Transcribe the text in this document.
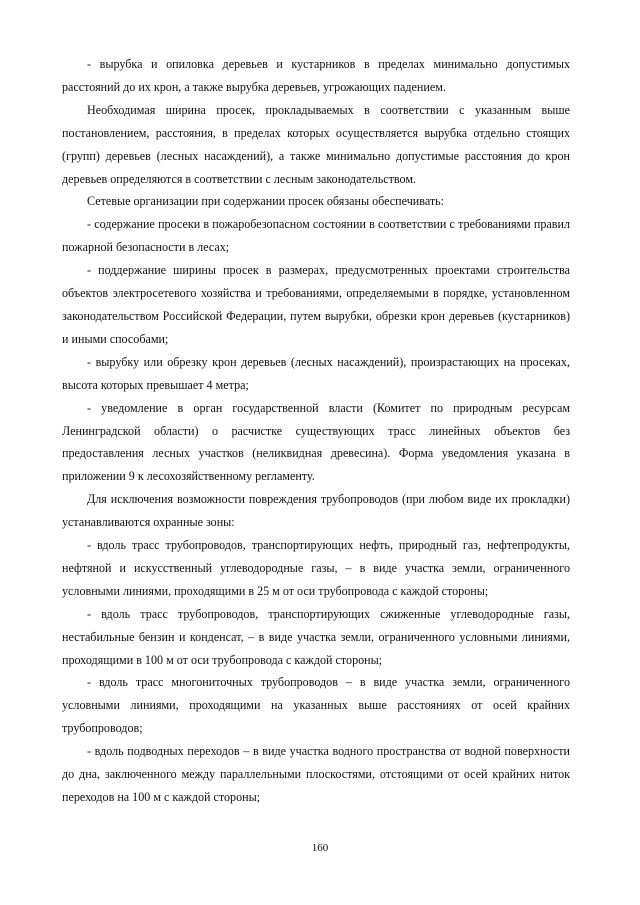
- вырубка и опиловка деревьев и кустарников в пределах минимально допустимых расстояний до их крон, а также вырубка деревьев, угрожающих падением.

Необходимая ширина просек, прокладываемых в соответствии с указанным выше постановлением, расстояния, в пределах которых осуществляется вырубка отдельно стоящих (групп) деревьев (лесных насаждений), а также минимально допустимые расстояния до крон деревьев определяются в соответствии с лесным законодательством.

Сетевые организации при содержании просек обязаны обеспечивать:

- содержание просеки в пожаробезопасном состоянии в соответствии с требованиями правил пожарной безопасности в лесах;

- поддержание ширины просек в размерах, предусмотренных проектами строительства объектов электросетевого хозяйства и требованиями, определяемыми в порядке, установленном законодательством Российской Федерации, путем вырубки, обрезки крон деревьев (кустарников) и иными способами;

- вырубку или обрезку крон деревьев (лесных насаждений), произрастающих на просеках, высота которых превышает 4 метра;

- уведомление в орган государственной власти (Комитет по природным ресурсам Ленинградской области) о расчистке существующих трасс линейных объектов без предоставления лесных участков (неликвидная древесина). Форма уведомления указана в приложении 9 к лесохозяйственному регламенту.

Для исключения возможности повреждения трубопроводов (при любом виде их прокладки) устанавливаются охранные зоны:

- вдоль трасс трубопроводов, транспортирующих нефть, природный газ, нефтепродукты, нефтяной и искусственный углеводородные газы, – в виде участка земли, ограниченного условными линиями, проходящими в 25 м от оси трубопровода с каждой стороны;

- вдоль трасс трубопроводов, транспортирующих сжиженные углеводородные газы, нестабильные бензин и конденсат, – в виде участка земли, ограниченного условными линиями, проходящими в 100 м от оси трубопровода с каждой стороны;

- вдоль трасс многониточных трубопроводов – в виде участка земли, ограниченного условными линиями, проходящими на указанных выше расстояниях от осей крайних трубопроводов;

- вдоль подводных переходов – в виде участка водного пространства от водной поверхности до дна, заключенного между параллельными плоскостями, отстоящими от осей крайних ниток переходов на 100 м с каждой стороны;

160
